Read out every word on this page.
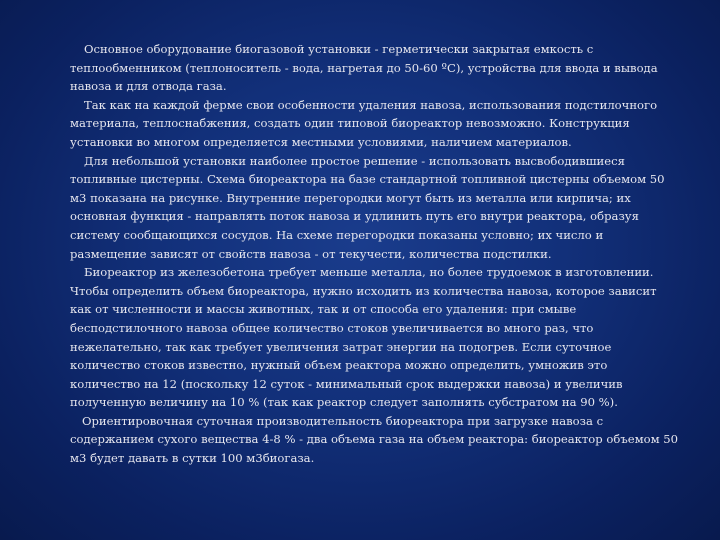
Основное оборудование биогазовой установки - герметически закрытая емкость с теплообменником (теплоноситель - вода, нагретая до 50-60 ºС), устройства для ввода и вывода навоза и для отвода газа.

Так как на каждой ферме свои особенности удаления навоза, использования подстилочного материала, теплоснабжения, создать один типовой биореактор невозможно. Конструкция установки во многом определяется местными условиями, наличием материалов.

Для небольшой установки наиболее простое решение - использовать высвободившиеся топливные цистерны. Схема биореактора на базе стандартной топливной цистерны объемом 50 м3 показана на рисунке. Внутренние перегородки могут быть из металла или кирпича; их основная функция - направлять поток навоза и удлинить путь его внутри реактора, образуя систему сообщающихся сосудов. На схеме перегородки показаны условно; их число и размещение зависят от свойств навоза - от текучести, количества подстилки.

Биореактор из железобетона требует меньше металла, но более трудоемок в изготовлении. Чтобы определить объем биореактора, нужно исходить из количества навоза, которое зависит как от численности и массы животных, так и от способа его удаления: при смыве бесподстилочного навоза общее количество стоков увеличивается во много раз, что нежелательно, так как требует увеличения затрат энергии на подогрев. Если суточное количество стоков известно, нужный объем реактора можно определить, умножив это количество на 12 (поскольку 12 суток - минимальный срок выдержки навоза) и увеличив полученную величину на 10 % (так как реактор следует заполнять субстратом на 90 %).

Ориентировочная суточная производительность биореактора при загрузке навоза с содержанием сухого вещества 4-8 % - два объема газа на объем реактора: биореактор объемом 50 м3 будет давать в сутки 100 м3биогаза.
